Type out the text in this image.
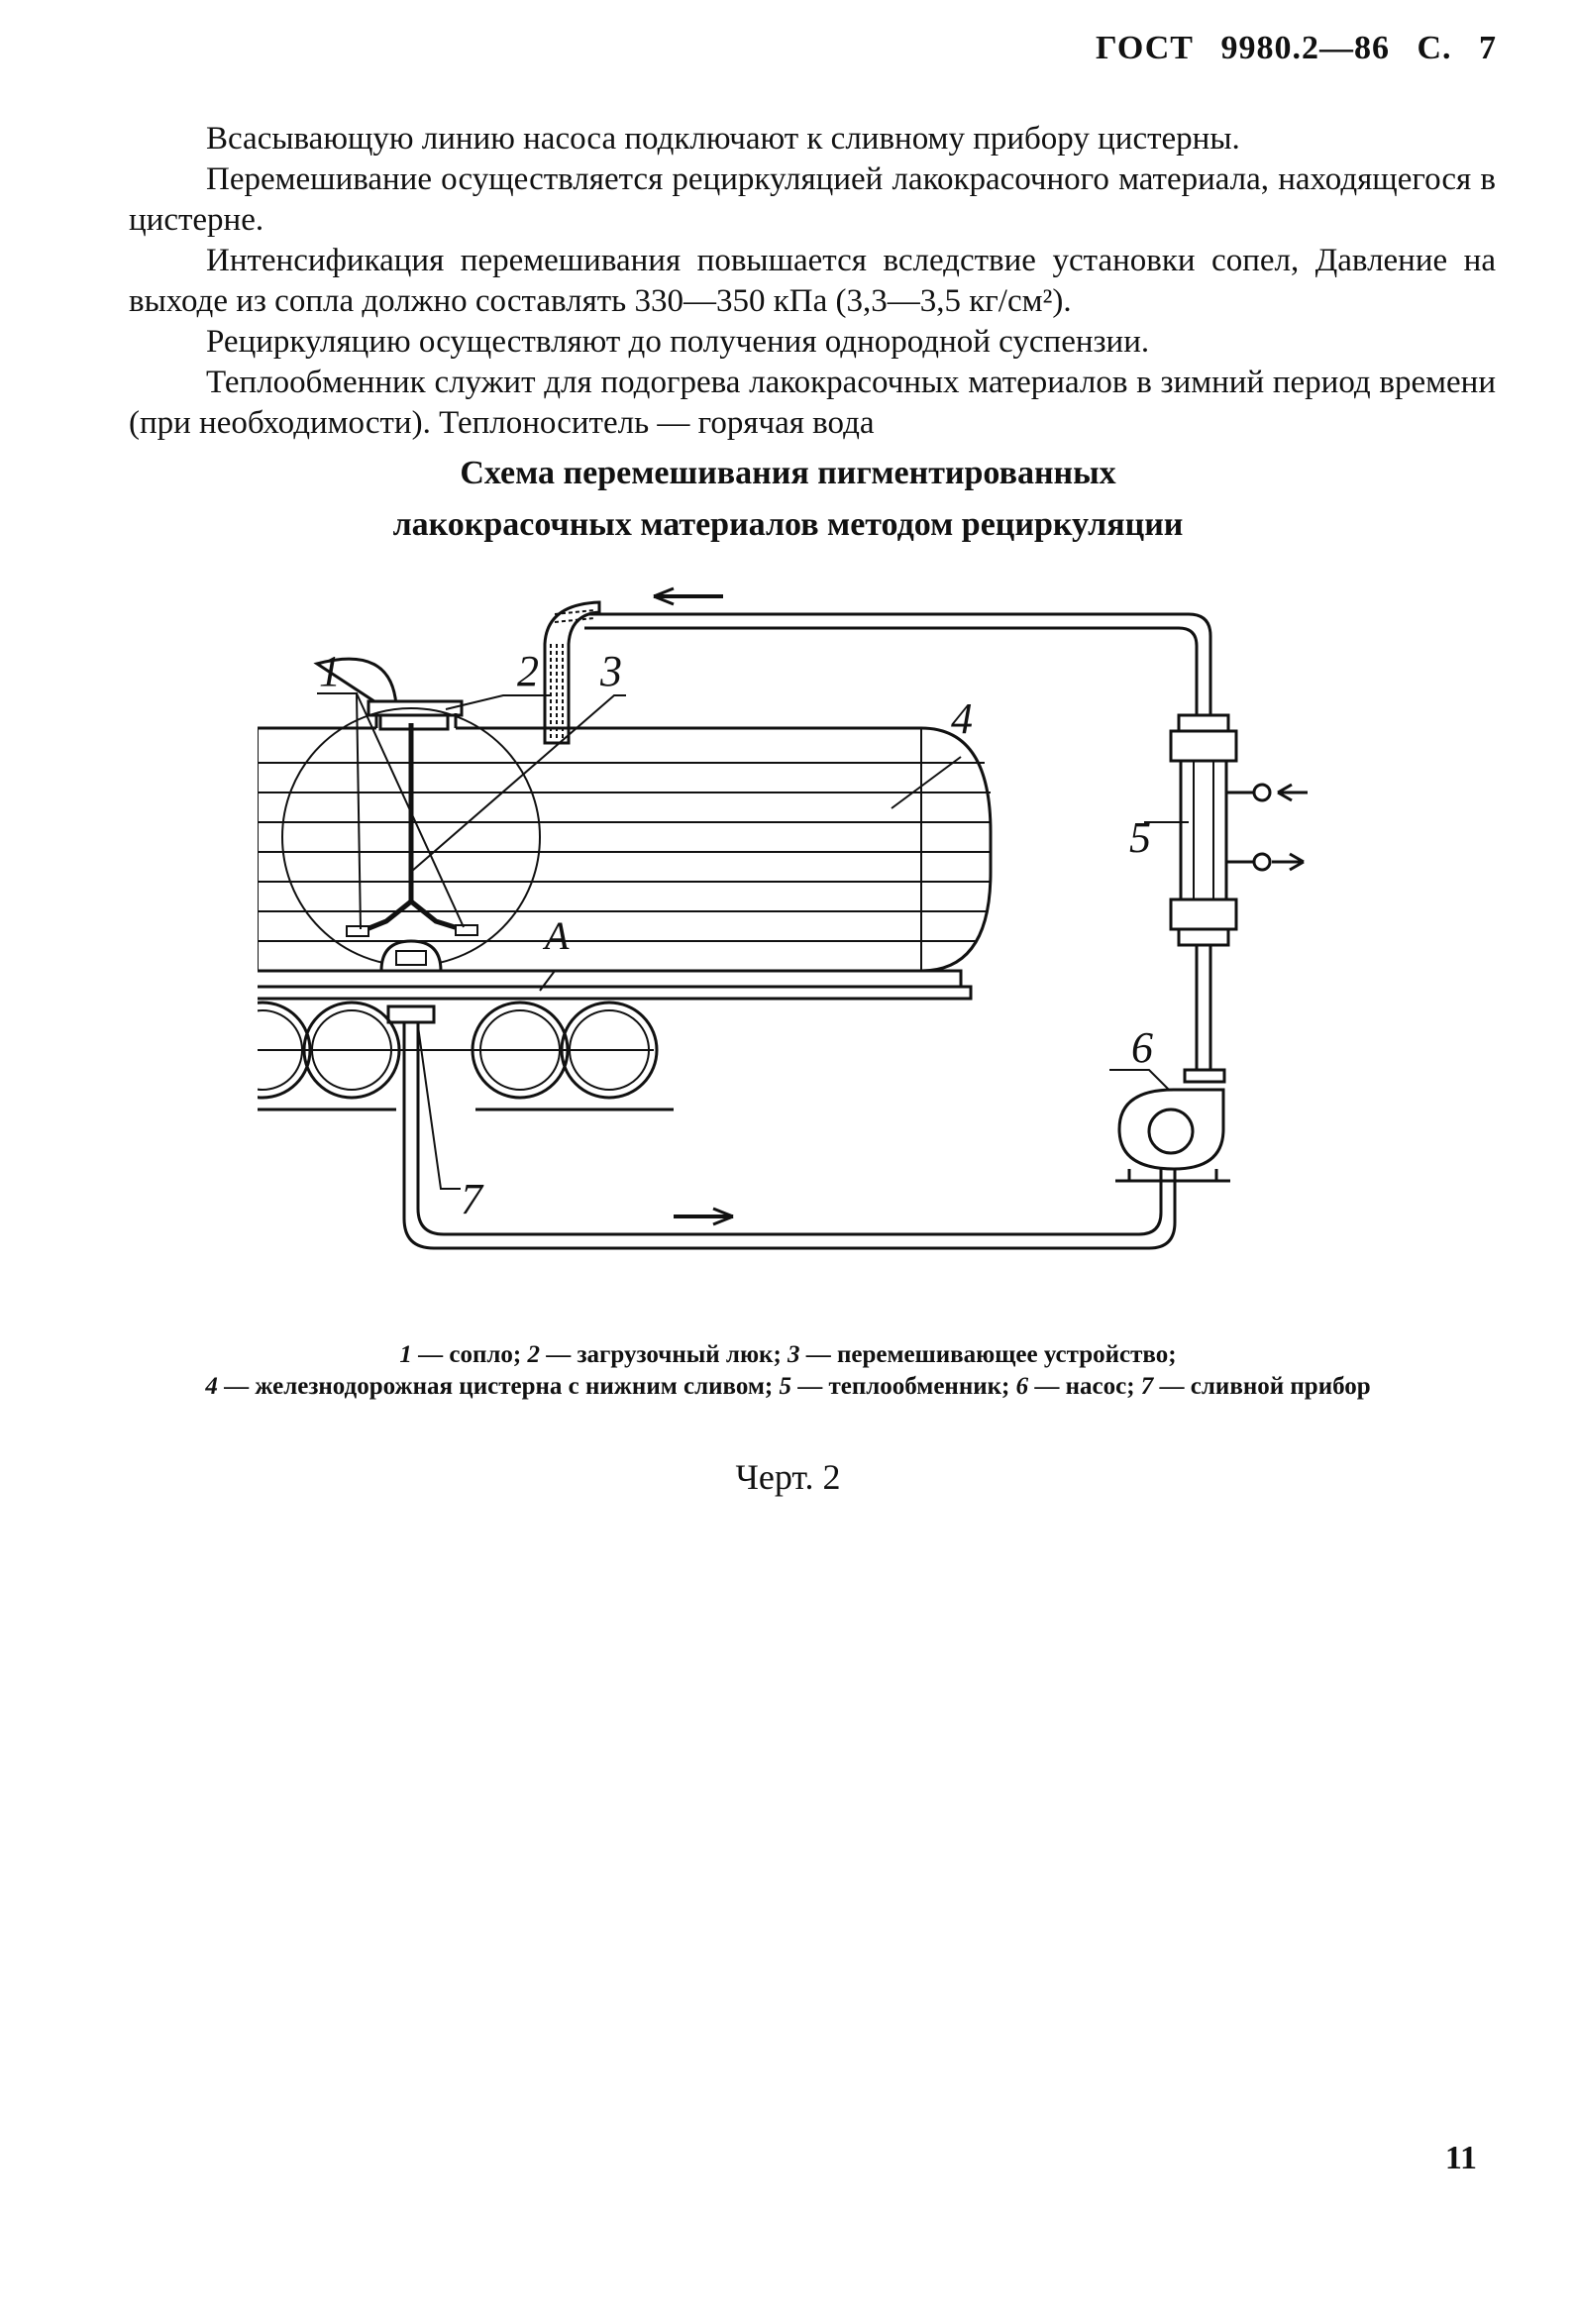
ГОСТ 9980.2—86 С. 7

Всасывающую линию насоса подключают к сливному прибору цистерны.

Перемешивание осуществляется рециркуляцией лакокрасочного материала, находящегося в цистерне.

Интенсификация перемешивания повышается вследствие установки сопел, Давление на выходе из сопла должно составлять 330—350 кПа (3,3—3,5 кг/см²).

Рециркуляцию осуществляют до получения однородной суспензии.

Теплообменник служит для подогрева лакокрасочных материалов в зимний период времени (при необходимости). Теплоноситель — горячая вода

Схема перемешивания пигментированных
лакокрасочных материалов методом рециркуляции
1	2 3
4
5
6
7
А
1 — сопло; 2 — загрузочный люк; 3 — перемешивающее устройство;
4 — железнодорожная цистерна с нижним сливом; 5 — теплообменник; 6 — насос; 7 — сливной прибор
Черт. 2
11
